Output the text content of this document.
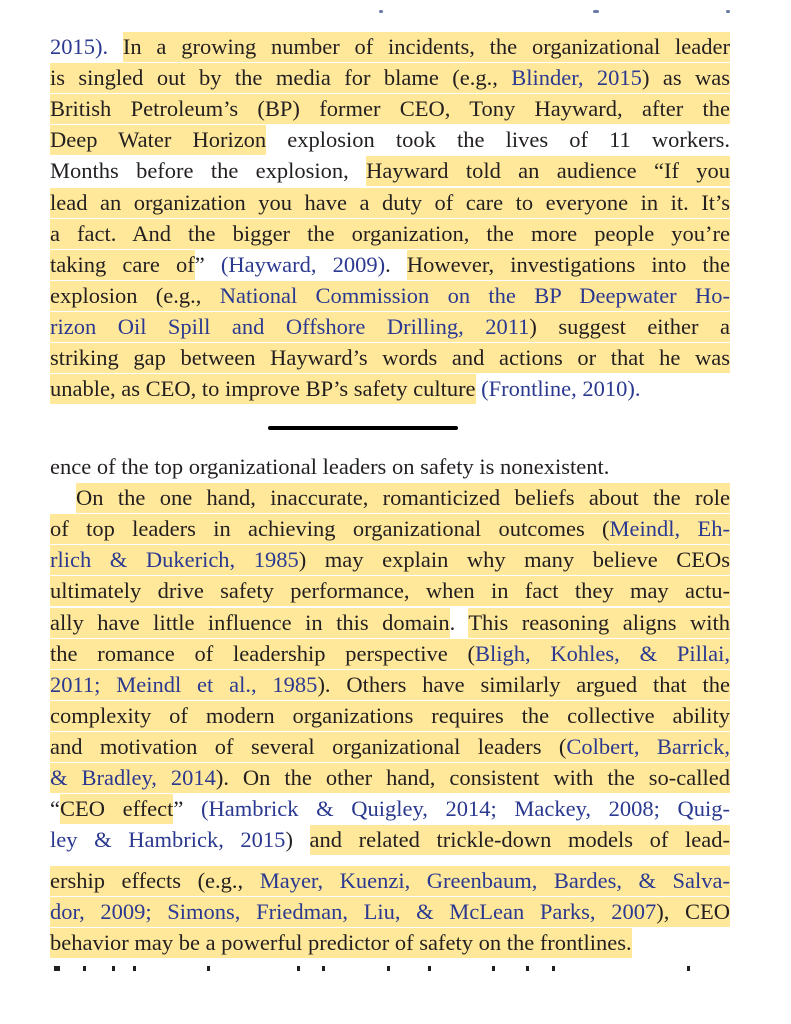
2015). In a growing number of incidents, the organizational leader
is singled out by the media for blame (e.g., Blinder, 2015) as was
British Petroleum’s (BP) former CEO, Tony Hayward, after the
Deep Water Horizon explosion took the lives of 11 workers.
Months before the explosion, Hayward told an audience “If you
lead an organization you have a duty of care to everyone in it. It’s
a fact. And the bigger the organization, the more people you’re
taking care of” (Hayward, 2009). However, investigations into the
explosion (e.g., National Commission on the BP Deepwater Ho-
rizon Oil Spill and Offshore Drilling, 2011) suggest either a
striking gap between Hayward’s words and actions or that he was
unable, as CEO, to improve BP’s safety culture (Frontline, 2010).
ence of the top organizational leaders on safety is nonexistent.
On the one hand, inaccurate, romanticized beliefs about the role
of top leaders in achieving organizational outcomes (Meindl, Eh-
rlich & Dukerich, 1985) may explain why many believe CEOs
ultimately drive safety performance, when in fact they may actu-
ally have little influence in this domain. This reasoning aligns with
the romance of leadership perspective (Bligh, Kohles, & Pillai,
2011; Meindl et al., 1985). Others have similarly argued that the
complexity of modern organizations requires the collective ability
and motivation of several organizational leaders (Colbert, Barrick,
& Bradley, 2014). On the other hand, consistent with the so-called
“CEO effect” (Hambrick & Quigley, 2014; Mackey, 2008; Quig-
ley & Hambrick, 2015) and related trickle-down models of lead-
ership effects (e.g., Mayer, Kuenzi, Greenbaum, Bardes, & Salva-
dor, 2009; Simons, Friedman, Liu, & McLean Parks, 2007), CEO
behavior may be a powerful predictor of safety on the frontlines.
